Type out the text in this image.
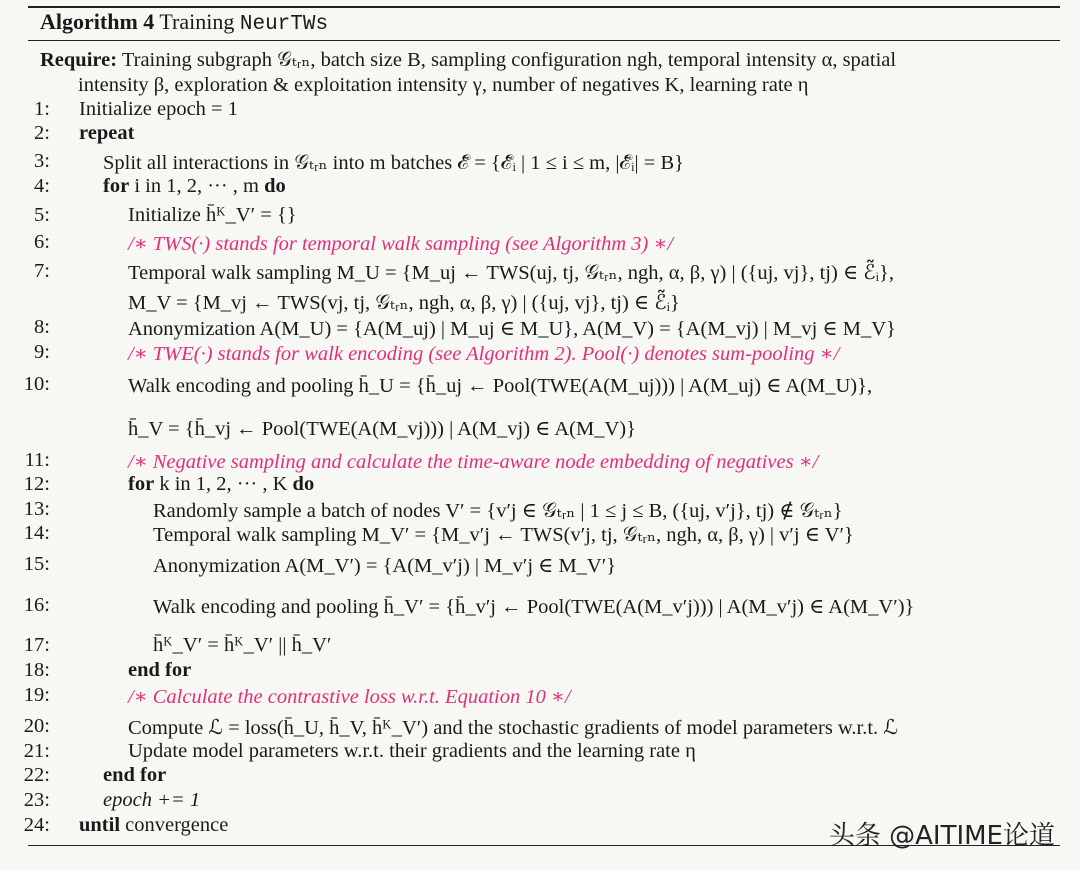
Algorithm 4 Training NeurTWs
Require: Training subgraph 𝒢ₜᵣₙ, batch size B, sampling configuration ngh, temporal intensity α, spatial
intensity β, exploration & exploitation intensity γ, number of negatives K, learning rate η
1: Initialize epoch = 1
2: repeat
3:	Split all interactions in 𝒢ₜᵣₙ into m batches ℰ̃ = {ℰ̃ᵢ | 1 ≤ i ≤ m, |ℰ̃ᵢ| = B}
4:	for i in 1, 2, ··· , m do
5:	Initialize h̄ᴷ_V′ = {}
6:	/∗ TWS(·) stands for temporal walk sampling (see Algorithm 3) ∗/
7:	Temporal walk sampling M_U = {M_uj ← TWS(uj, tj, 𝒢ₜᵣₙ, ngh, α, β, γ) | ({uj, vj}, tj) ∈ ℰ̃ᵢ},
M_V = {M_vj ← TWS(vj, tj, 𝒢ₜᵣₙ, ngh, α, β, γ) | ({uj, vj}, tj) ∈ ℰ̃ᵢ}
8:	Anonymization A(M_U) = {A(M_uj) | M_uj ∈ M_U}, A(M_V) = {A(M_vj) | M_vj ∈ M_V}
9:	/∗ TWE(·) stands for walk encoding (see Algorithm 2). Pool(·) denotes sum-pooling ∗/
10:	Walk encoding and pooling h̄_U = {h̄_uj ← Pool(TWE(A(M_uj))) | A(M_uj) ∈ A(M_U)},
h̄_V = {h̄_vj ← Pool(TWE(A(M_vj))) | A(M_vj) ∈ A(M_V)}
11:	/∗ Negative sampling and calculate the time-aware node embedding of negatives ∗/
12:	for k in 1, 2, ··· , K do
13:	Randomly sample a batch of nodes V′ = {v′j ∈ 𝒢ₜᵣₙ | 1 ≤ j ≤ B, ({uj, v′j}, tj) ∉ 𝒢ₜᵣₙ}
14:	Temporal walk sampling M_V′ = {M_v′j ← TWS(v′j, tj, 𝒢ₜᵣₙ, ngh, α, β, γ) | v′j ∈ V′}
15:	Anonymization A(M_V′) = {A(M_v′j) | M_v′j ∈ M_V′}
16:	Walk encoding and pooling h̄_V′ = {h̄_v′j ← Pool(TWE(A(M_v′j))) | A(M_v′j) ∈ A(M_V′)}
17:	h̄ᴷ_V′ = h̄ᴷ_V′ || h̄_V′
18:	end for
19:	/∗ Calculate the contrastive loss w.r.t. Equation 10 ∗/
20:	Compute ℒ = loss(h̄_U, h̄_V, h̄ᴷ_V′) and the stochastic gradients of model parameters w.r.t. ℒ
21:	Update model parameters w.r.t. their gradients and the learning rate η
22:	end for
23:	epoch += 1
24: until convergence	头条 @AITIME论道
